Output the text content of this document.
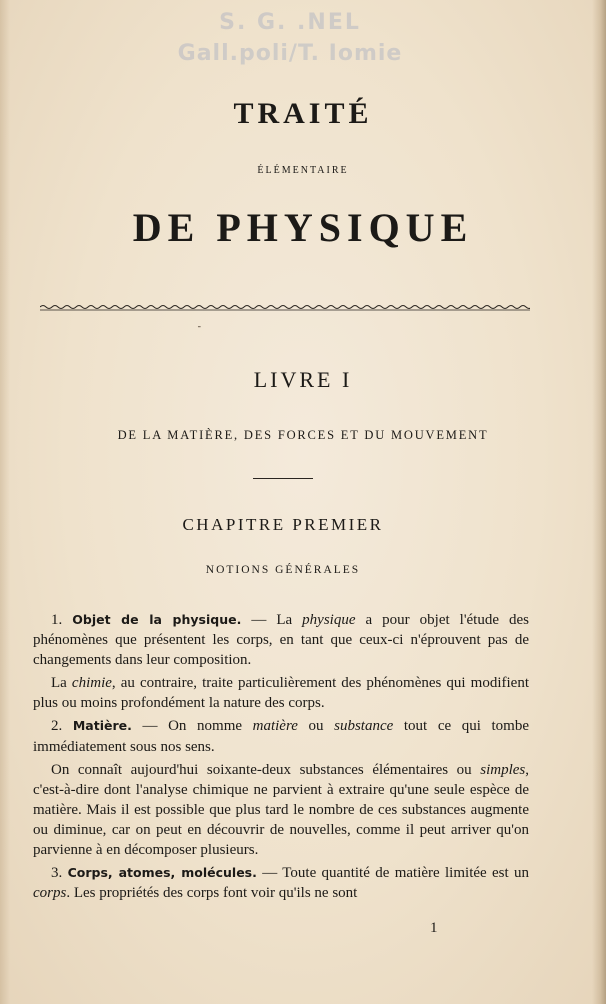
S. G. .NEL
Gall.poli/T. Iomie
TRAITÉ
ÉLÉMENTAIRE
DE PHYSIQUE
⁃
LIVRE I
DE LA MATIÈRE, DES FORCES ET DU MOUVEMENT
CHAPITRE PREMIER
NOTIONS GÉNÉRALES

1. Objet de la physique. — La physique a pour objet l'étude des phénomènes que présentent les corps, en tant que ceux-ci n'éprouvent pas de changements dans leur composition.

La chimie, au contraire, traite particulièrement des phénomènes qui modifient plus ou moins profondément la nature des corps.

2. Matière. — On nomme matière ou substance tout ce qui tombe immédiatement sous nos sens.

On connaît aujourd'hui soixante-deux substances élémentaires ou simples, c'est-à-dire dont l'analyse chimique ne parvient à extraire qu'une seule espèce de matière. Mais il est possible que plus tard le nombre de ces substances augmente ou diminue, car on peut en découvrir de nouvelles, comme il peut arriver qu'on parvienne à en décomposer plusieurs.

3. Corps, atomes, molécules. — Toute quantité de matière limitée est un corps. Les propriétés des corps font voir qu'ils ne sont

1
